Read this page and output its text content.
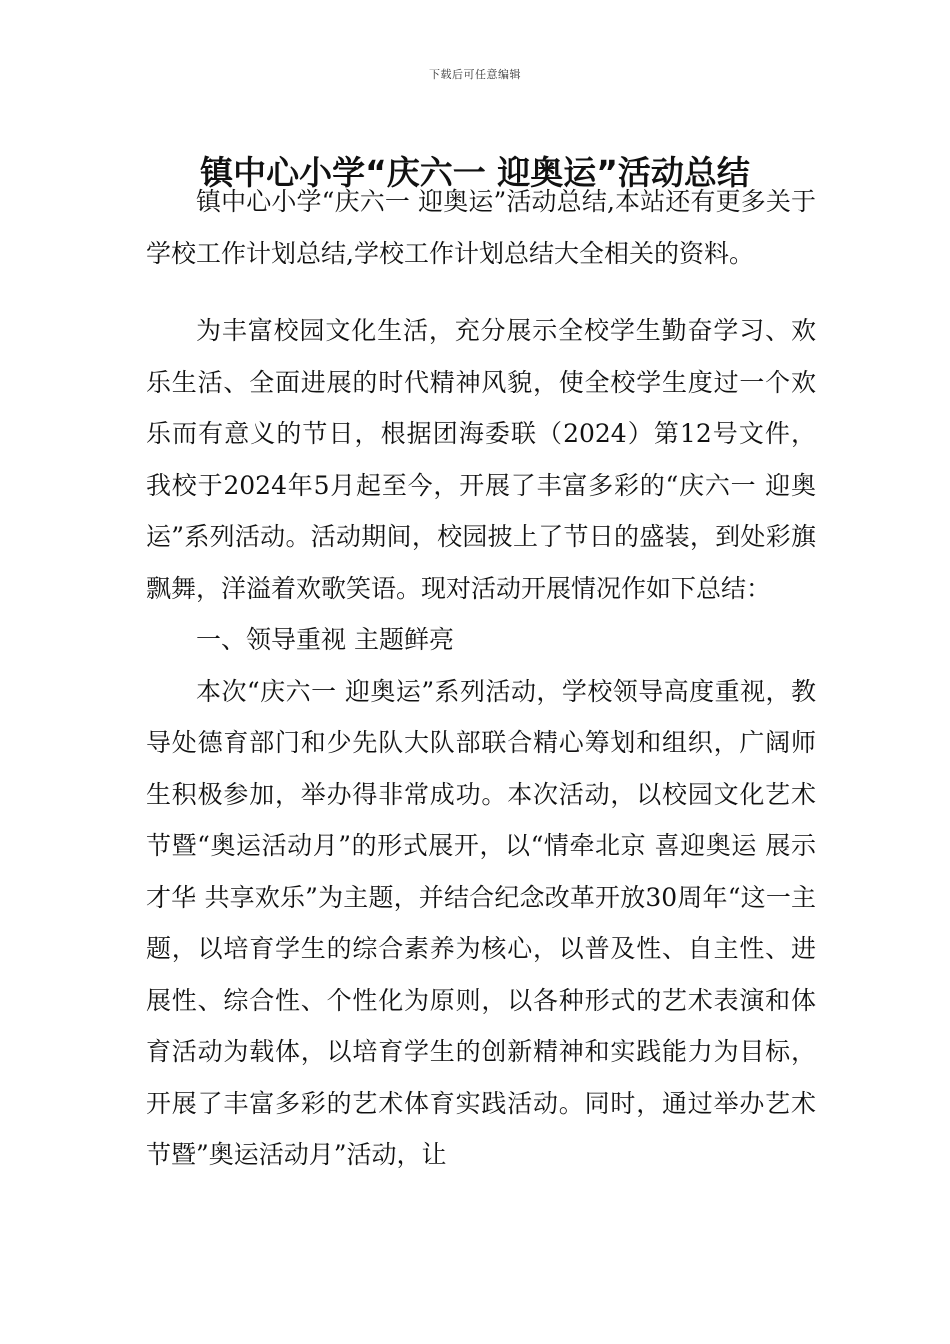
下载后可任意编辑
镇中心小学“庆六一 迎奥运”活动总结

镇中心小学“庆六一 迎奥运”活动总结,本站还有更多关于学校工作计划总结,学校工作计划总结大全相关的资料。

为丰富校园文化生活，充分展示全校学生勤奋学习、欢乐生活、全面进展的时代精神风貌，使全校学生度过一个欢乐而有意义的节日，根据团海委联（2024）第12号文件，我校于2024年5月起至今，开展了丰富多彩的“庆六一 迎奥运”系列活动。活动期间，校园披上了节日的盛装，到处彩旗飘舞，洋溢着欢歌笑语。现对活动开展情况作如下总结：

一、领导重视 主题鲜亮

本次“庆六一 迎奥运”系列活动，学校领导高度重视，教导处德育部门和少先队大队部联合精心筹划和组织，广阔师生积极参加，举办得非常成功。本次活动，以校园文化艺术节暨“奥运活动月”的形式展开，以“情牵北京 喜迎奥运 展示才华 共享欢乐”为主题，并结合纪念改革开放30周年“这一主题，以培育学生的综合素养为核心，以普及性、自主性、进展性、综合性、个性化为原则，以各种形式的艺术表演和体育活动为载体，以培育学生的创新精神和实践能力为目标，开展了丰富多彩的艺术体育实践活动。同时，通过举办艺术节暨”奥运活动月”活动，让
